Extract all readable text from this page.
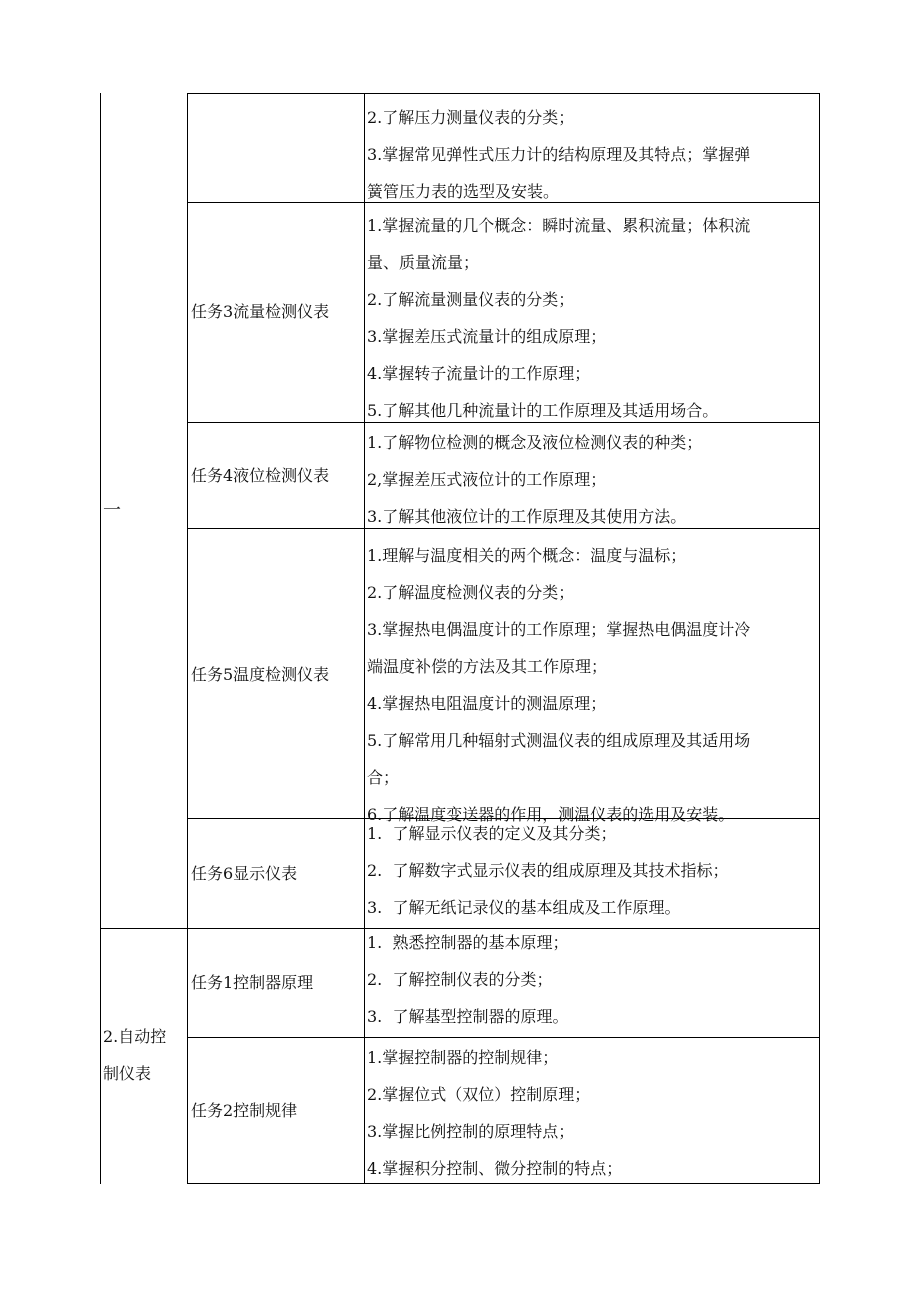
一
2.了解压力测量仪表的分类；
3.掌握常见弹性式压力计的结构原理及其特点；掌握弹
簧管压力表的选型及安装。
任务3流量检测仪表
1.掌握流量的几个概念：瞬时流量、累积流量；体积流
量、质量流量；
2.了解流量测量仪表的分类；
3.掌握差压式流量计的组成原理；
4.掌握转子流量计的工作原理；
5.了解其他几种流量计的工作原理及其适用场合。
任务4液位检测仪表
1.了解物位检测的概念及液位检测仪表的种类；
2,掌握差压式液位计的工作原理；
3.了解其他液位计的工作原理及其使用方法。
任务5温度检测仪表
1.理解与温度相关的两个概念：温度与温标；
2.了解温度检测仪表的分类；
3.掌握热电偶温度计的工作原理；掌握热电偶温度计冷
端温度补偿的方法及其工作原理；
4.掌握热电阻温度计的测温原理；
5.了解常用几种辐射式测温仪表的组成原理及其适用场
合；
6.了解温度变送器的作用，测温仪表的选用及安装。
任务6显示仪表
1.  了解显示仪表的定义及其分类；
2.  了解数字式显示仪表的组成原理及其技术指标；
3.  了解无纸记录仪的基本组成及工作原理。
2.自动控
制仪表
任务1控制器原理
1.  熟悉控制器的基本原理；
2.  了解控制仪表的分类；
3.  了解基型控制器的原理。
任务2控制规律
1.掌握控制器的控制规律；
2.掌握位式（双位）控制原理；
3.掌握比例控制的原理特点；
4.掌握积分控制、微分控制的特点；
